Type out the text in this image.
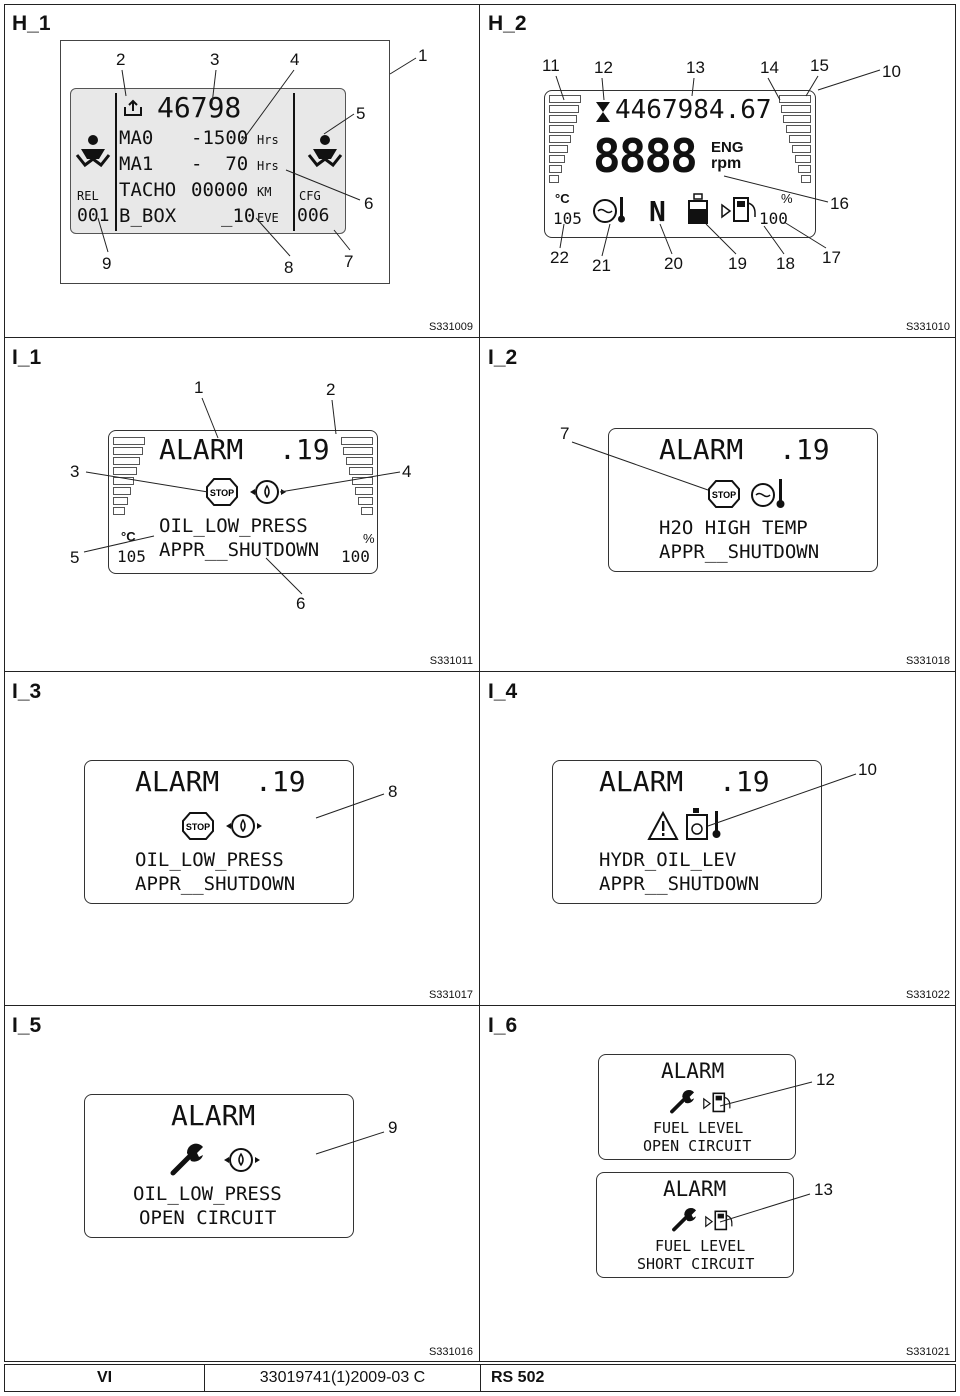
H_1
S331009
46798
MA0 -1500 Hrs
MA1 -  70 Hrs
TACHO 00000 KM
B_BOX _10 EVE
REL
001
CFG
006
2	3	4	1
5
6
9	8	7
H_2
S331010
4467984.67
8888 ENG
rpm
°C
105 N	%
100
11 12	13	14 15	10
16
17
18
19
20
21
22
I_1
S331011
ALARM .19
STOP
°C
105
OIL_LOW_PRESS
APPR__SHUTDOWN
%
100
1	2
3	4
5
6
I_2
S331018
ALARM .19
STOP
H2O HIGH TEMP
APPR__SHUTDOWN
7
I_3
S331017
ALARM .19
STOP
OIL_LOW_PRESS
APPR__SHUTDOWN
8
I_4
S331022
ALARM .19
HYDR_OIL_LEV
APPR__SHUTDOWN
10
I_5
S331016
ALARM
OIL_LOW_PRESS
OPEN CIRCUIT
9
I_6
S331021
ALARM
FUEL LEVEL
OPEN CIRCUIT
ALARM
FUEL LEVEL
SHORT CIRCUIT
12
13
VI	33019741(1)2009-03 C	RS 502
